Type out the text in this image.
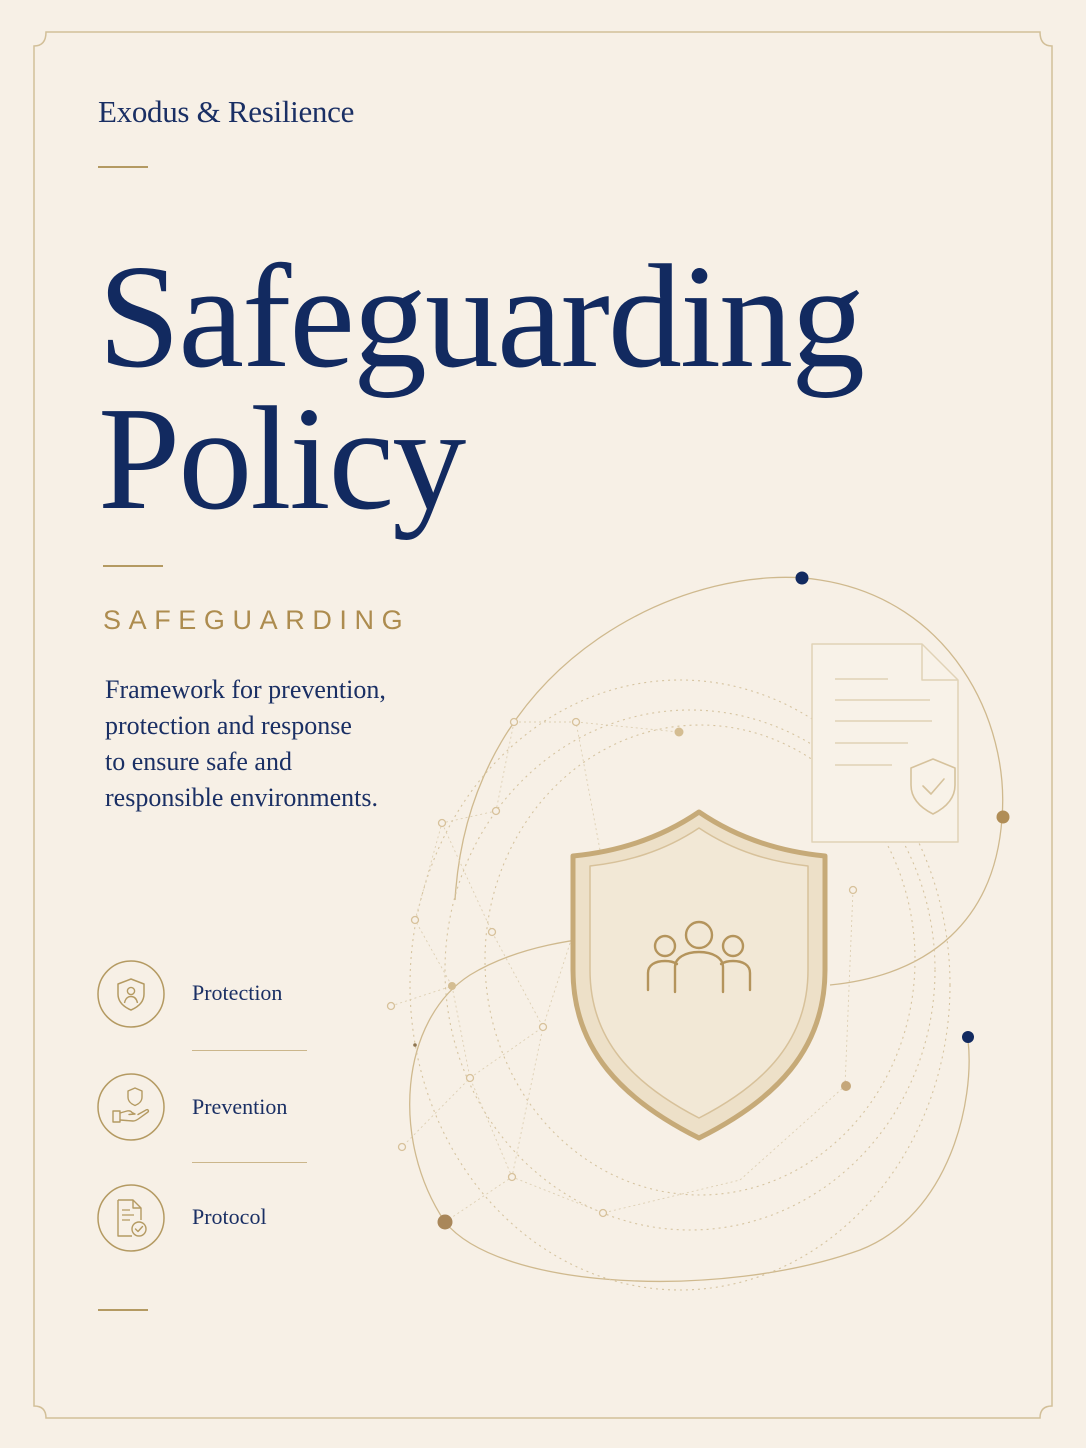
Exodus & Resilience
Safeguarding
Policy
SAFEGUARDING
Framework for prevention,
protection and response
to ensure safe and
responsible environments.
Protection
Prevention
Protocol
